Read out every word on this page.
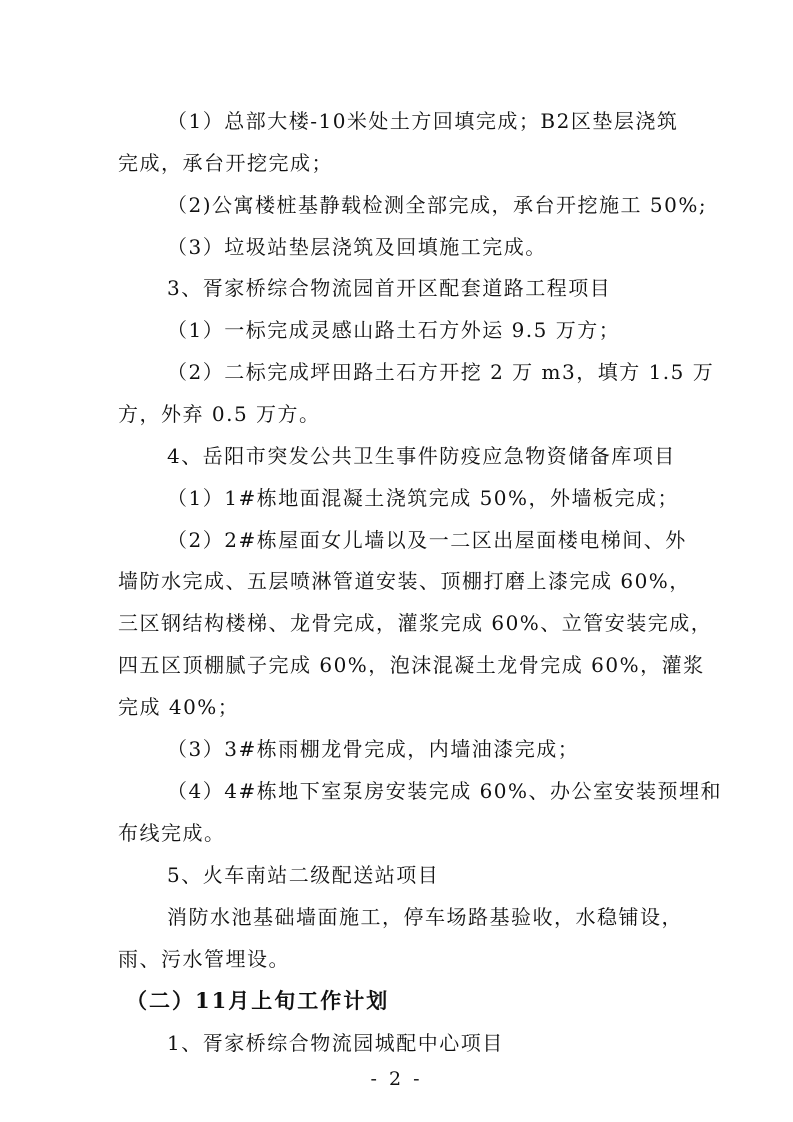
（1）总部大楼-10米处土方回填完成；B2区垫层浇筑
完成，承台开挖完成；
（2)公寓楼桩基静载检测全部完成，承台开挖施工 50%;
（3）垃圾站垫层浇筑及回填施工完成。
3、胥家桥综合物流园首开区配套道路工程项目
（1）一标完成灵感山路土石方外运 9.5 万方；
（2）二标完成坪田路土石方开挖 2 万 m3，填方 1.5 万
方，外弃 0.5 万方。
4、岳阳市突发公共卫生事件防疫应急物资储备库项目
（1）1#栋地面混凝土浇筑完成 50%，外墙板完成；
（2）2#栋屋面女儿墙以及一二区出屋面楼电梯间、外
墙防水完成、五层喷淋管道安装、顶棚打磨上漆完成 60%，
三区钢结构楼梯、龙骨完成，灌浆完成 60%、立管安装完成，
四五区顶棚腻子完成 60%，泡沫混凝土龙骨完成 60%，灌浆
完成 40%；
（3）3#栋雨棚龙骨完成，内墙油漆完成；
（4）4#栋地下室泵房安装完成 60%、办公室安装预埋和
布线完成。
5、火车南站二级配送站项目
消防水池基础墙面施工，停车场路基验收，水稳铺设，
雨、污水管埋设。
（二）11月上旬工作计划
1、胥家桥综合物流园城配中心项目
- 2 -
